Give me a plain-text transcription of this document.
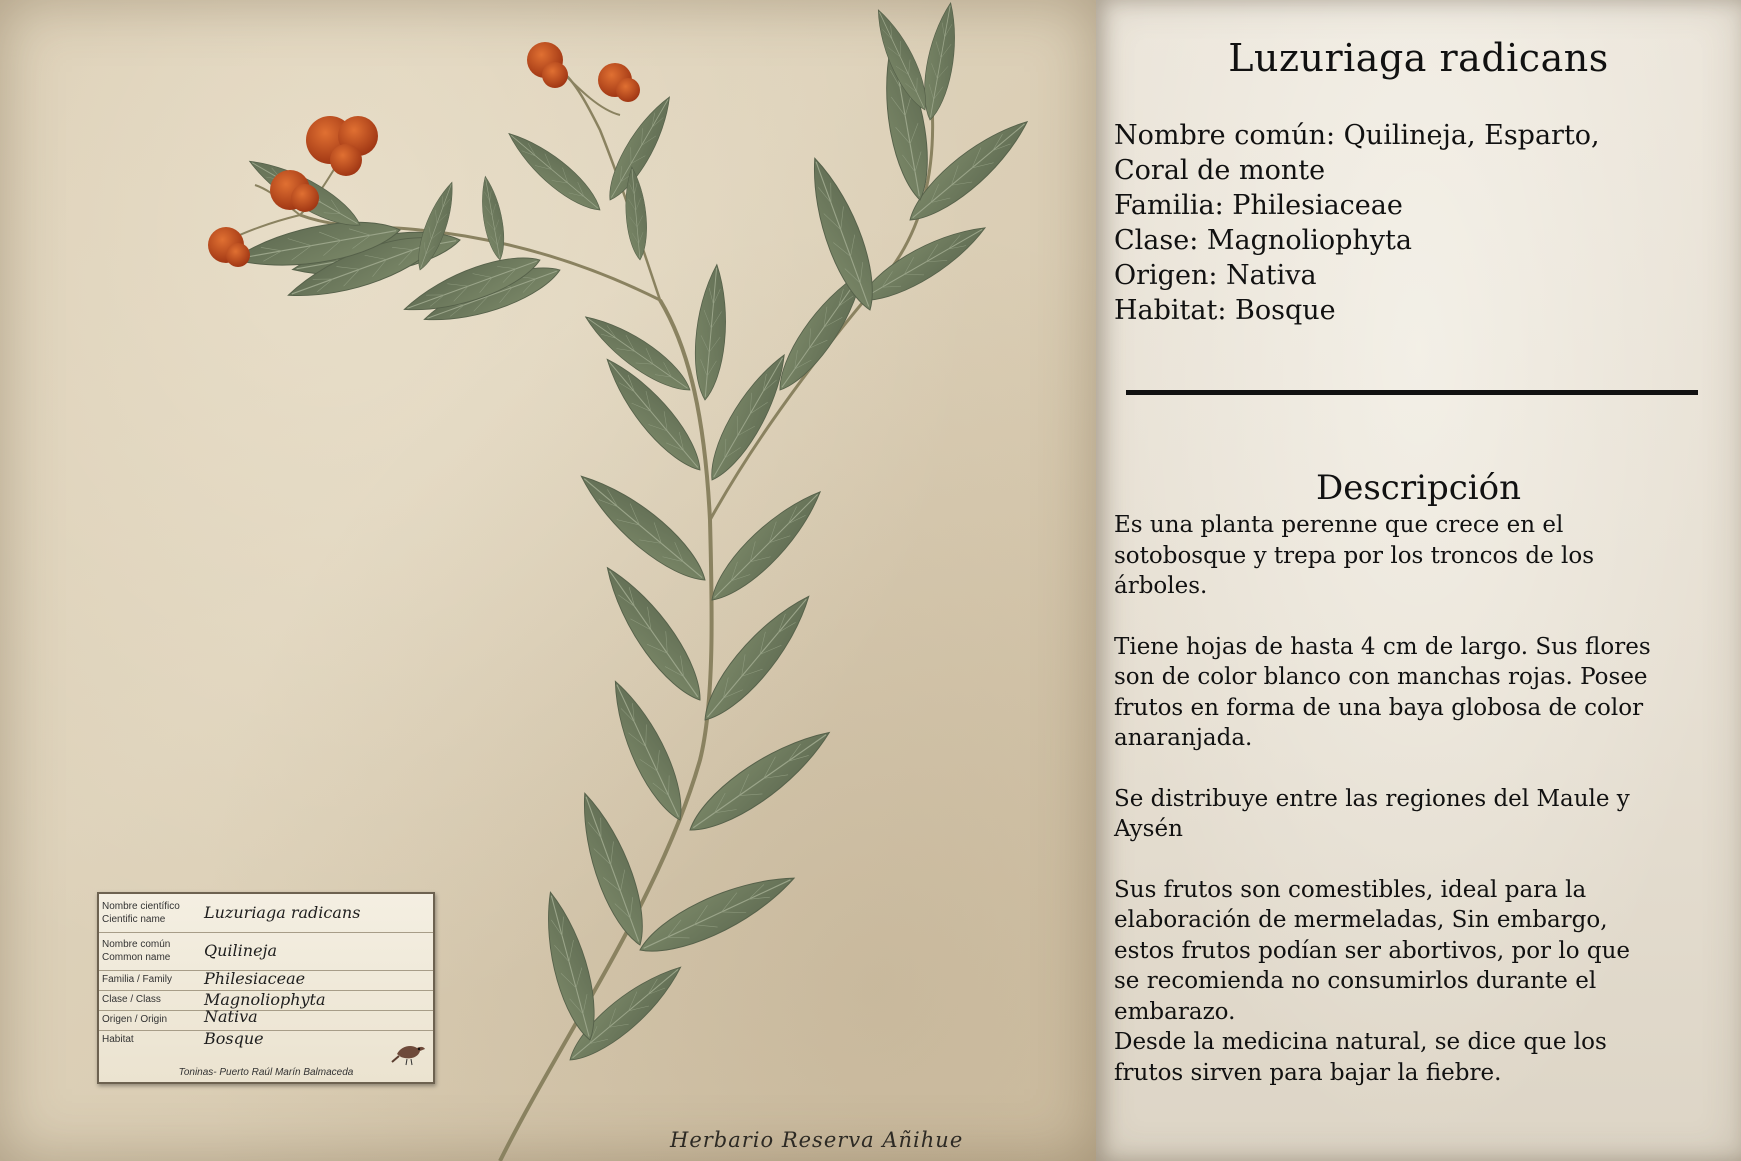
Nombre científico
Cientific name	Luzuriaga radicans
Nombre común
Common name Quilineja
Familia / Family Philesiaceae
Clase / Class	Magnoliophyta
Origen / Origin Nativa
Habitat	Bosque
Toninas- Puerto Raúl Marín Balmaceda
Herbario Reserva Añihue
Luzuriaga radicans
Nombre común: Quilineja, Esparto,
Coral de monte
Familia: Philesiaceae
Clase: Magnoliophyta
Origen: Nativa
Habitat: Bosque
Descripción

Es una planta perenne que crece en el
sotobosque y trepa por los troncos de los
árboles.

Tiene hojas de hasta 4 cm de largo. Sus flores
son de color blanco con manchas rojas. Posee
frutos en forma de una baya globosa de color
anaranjada.

Se distribuye entre las regiones del Maule y
Aysén

Sus frutos son comestibles, ideal para la
elaboración de mermeladas, Sin embargo,
estos frutos podían ser abortivos, por lo que
se recomienda no consumirlos durante el
embarazo.
Desde la medicina natural, se dice que los
frutos sirven para bajar la fiebre.
